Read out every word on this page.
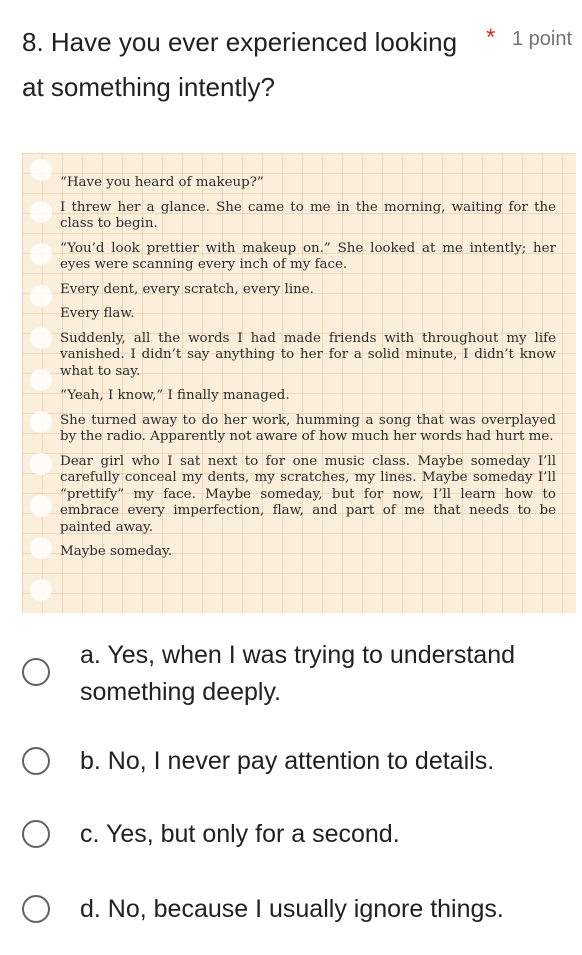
8. Have you ever experienced looking at something intently?
* 1 point

“Have you heard of makeup?”

I threw her a glance. She came to me in the morning, waiting for the class to begin.

“You’d look prettier with makeup on.” She looked at me intently; her eyes were scanning every inch of my face.

Every dent, every scratch, every line.

Every flaw.

Suddenly, all the words I had made friends with throughout my life vanished. I didn’t say anything to her for a solid minute, I didn’t know what to say.

“Yeah, I know,” I finally managed.

She turned away to do her work, humming a song that was overplayed by the radio. Apparently not aware of how much her words had hurt me.

Dear girl who I sat next to for one music class. Maybe someday I’ll carefully conceal my dents, my scratches, my lines. Maybe someday I’ll “prettify” my face. Maybe someday, but for now, I’ll learn how to embrace every imperfection, flaw, and part of me that needs to be painted away.

Maybe someday.

a. Yes, when I was trying to understand something deeply.
b. No, I never pay attention to details.
c. Yes, but only for a second.
d. No, because I usually ignore things.
